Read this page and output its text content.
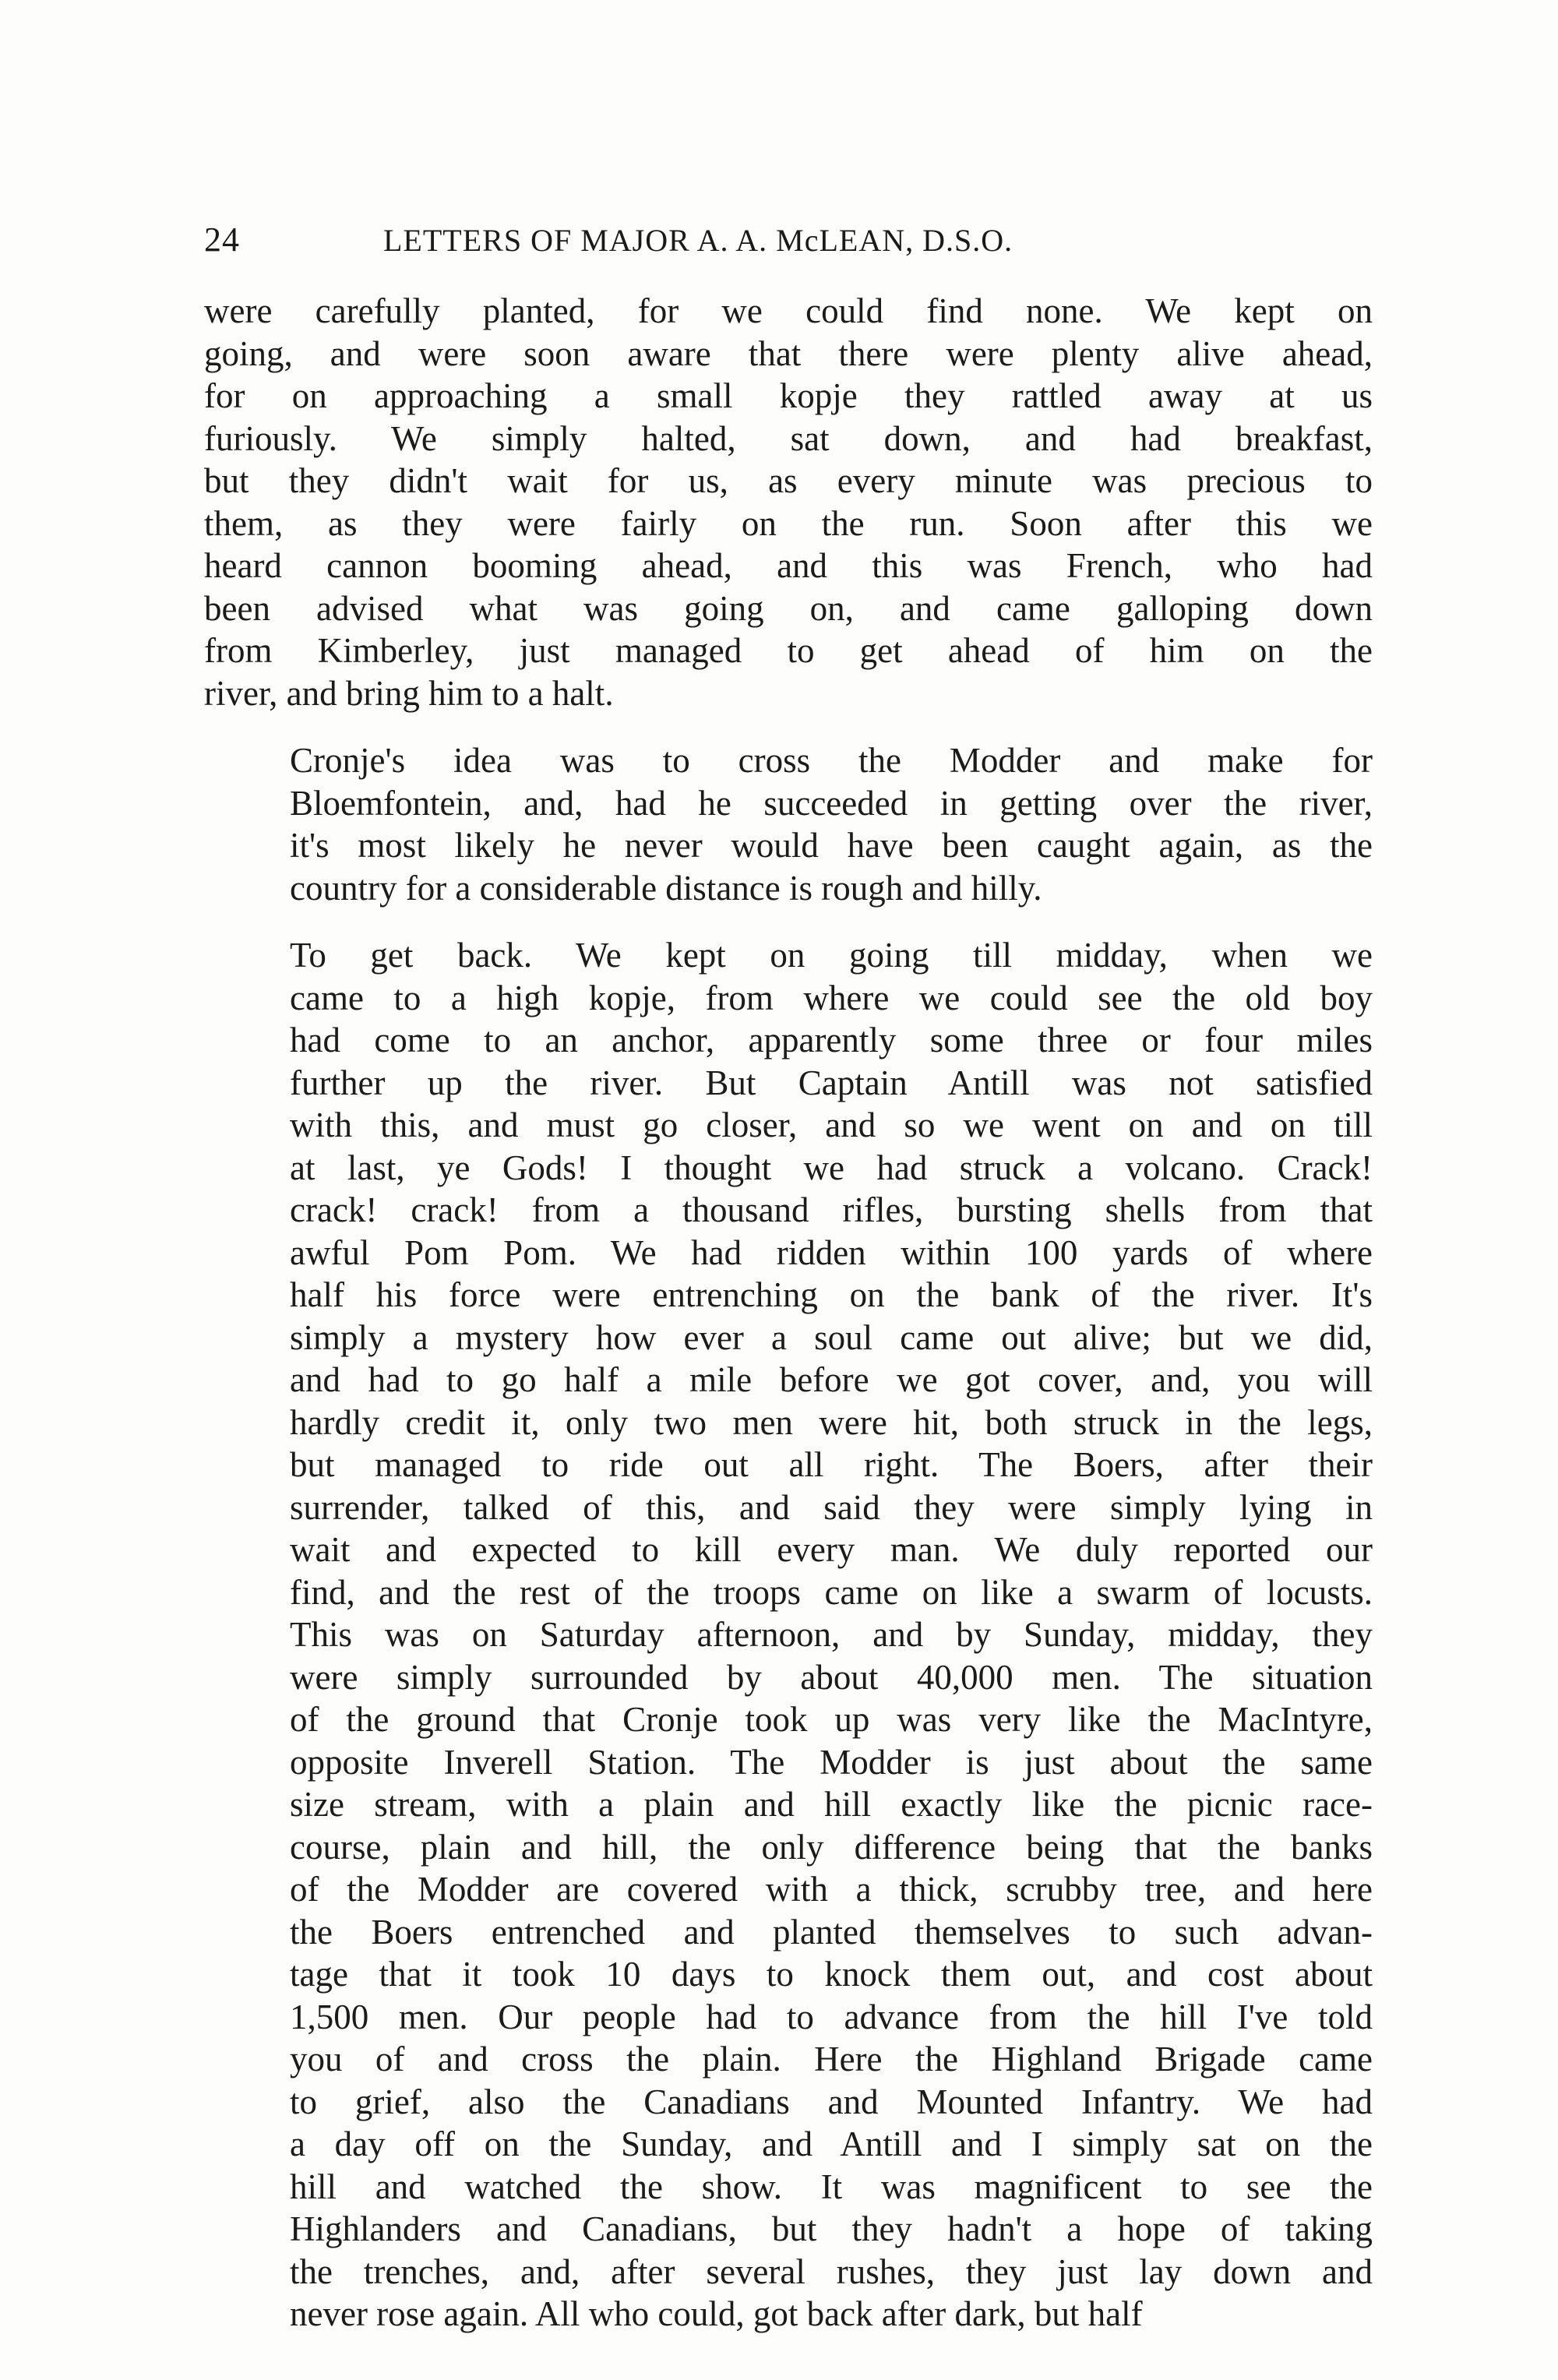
24	LETTERS OF MAJOR A. A. McLEAN, D.S.O.
were carefully planted, for we could find none. We kept on
going, and were soon aware that there were plenty alive ahead,
for on approaching a small kopje they rattled away at us
furiously. We simply halted, sat down, and had breakfast,
but they didn't wait for us, as every minute was precious to
them, as they were fairly on the run. Soon after this we
heard cannon booming ahead, and this was French, who had
been advised what was going on, and came galloping down
from Kimberley, just managed to get ahead of him on the
river, and bring him to a halt.
Cronje's idea was to cross the Modder and make for
Bloemfontein, and, had he succeeded in getting over the river,
it's most likely he never would have been caught again, as the
country for a considerable distance is rough and hilly.
To get back. We kept on going till midday, when we
came to a high kopje, from where we could see the old boy
had come to an anchor, apparently some three or four miles
further up the river. But Captain Antill was not satisfied
with this, and must go closer, and so we went on and on till
at last, ye Gods! I thought we had struck a volcano. Crack!
crack! crack! from a thousand rifles, bursting shells from that
awful Pom Pom. We had ridden within 100 yards of where
half his force were entrenching on the bank of the river. It's
simply a mystery how ever a soul came out alive; but we did,
and had to go half a mile before we got cover, and, you will
hardly credit it, only two men were hit, both struck in the legs,
but managed to ride out all right. The Boers, after their
surrender, talked of this, and said they were simply lying in
wait and expected to kill every man. We duly reported our
find, and the rest of the troops came on like a swarm of locusts.
This was on Saturday afternoon, and by Sunday, midday, they
were simply surrounded by about 40,000 men. The situation
of the ground that Cronje took up was very like the MacIntyre,
opposite Inverell Station. The Modder is just about the same
size stream, with a plain and hill exactly like the picnic race-
course, plain and hill, the only difference being that the banks
of the Modder are covered with a thick, scrubby tree, and here
the Boers entrenched and planted themselves to such advan-
tage that it took 10 days to knock them out, and cost about
1,500 men. Our people had to advance from the hill I've told
you of and cross the plain. Here the Highland Brigade came
to grief, also the Canadians and Mounted Infantry. We had
a day off on the Sunday, and Antill and I simply sat on the
hill and watched the show. It was magnificent to see the
Highlanders and Canadians, but they hadn't a hope of taking
the trenches, and, after several rushes, they just lay down and
never rose again. All who could, got back after dark, but half
